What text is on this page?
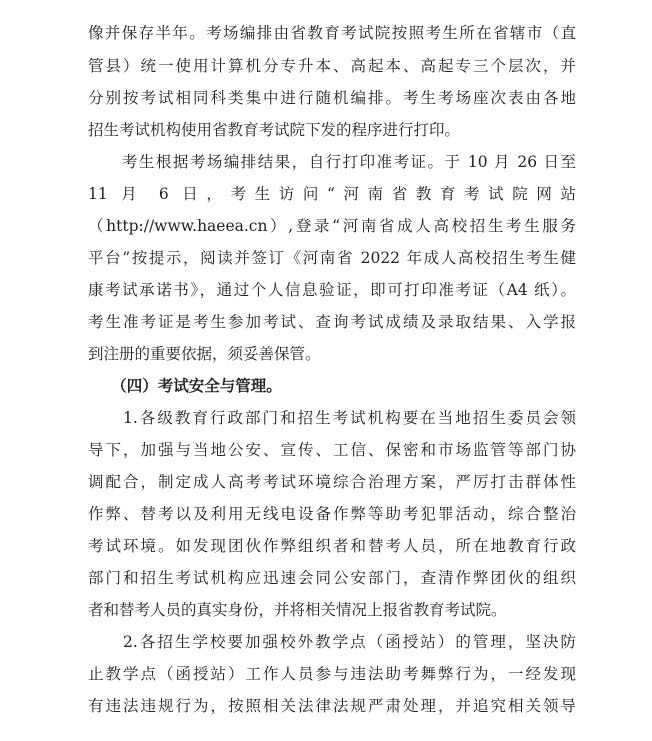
像并保存半年。考场编排由省教育考试院按照考生所在省辖市（直
管县）统一使用计算机分专升本、高起本、高起专三个层次，并
分别按考试相同科类集中进行随机编排。考生考场座次表由各地
招生考试机构使用省教育考试院下发的程序进行打印。
　　考生根据考场编排结果，自行打印准考证。于 10 月 26 日至
11 月 6 日，考生访问“河南省教育考试院网站
（http://www.haeea.cn）,登录“河南省成人高校招生考生服务
平台”按提示，阅读并签订《河南省 2022 年成人高校招生考生健
康考试承诺书》，通过个人信息验证，即可打印准考证（A4 纸）。
考生准考证是考生参加考试、查询考试成绩及录取结果、入学报
到注册的重要依据，须妥善保管。
　　（四）考试安全与管理。
　　1.各级教育行政部门和招生考试机构要在当地招生委员会领
导下，加强与当地公安、宣传、工信、保密和市场监管等部门协
调配合，制定成人高考考试环境综合治理方案，严厉打击群体性
作弊、替考以及利用无线电设备作弊等助考犯罪活动，综合整治
考试环境。如发现团伙作弊组织者和替考人员，所在地教育行政
部门和招生考试机构应迅速会同公安部门，查清作弊团伙的组织
者和替考人员的真实身份，并将相关情况上报省教育考试院。
　　2.各招生学校要加强校外教学点（函授站）的管理，坚决防
止教学点（函授站）工作人员参与违法助考舞弊行为，一经发现
有违法违规行为，按照相关法律法规严肃处理，并追究相关领导
